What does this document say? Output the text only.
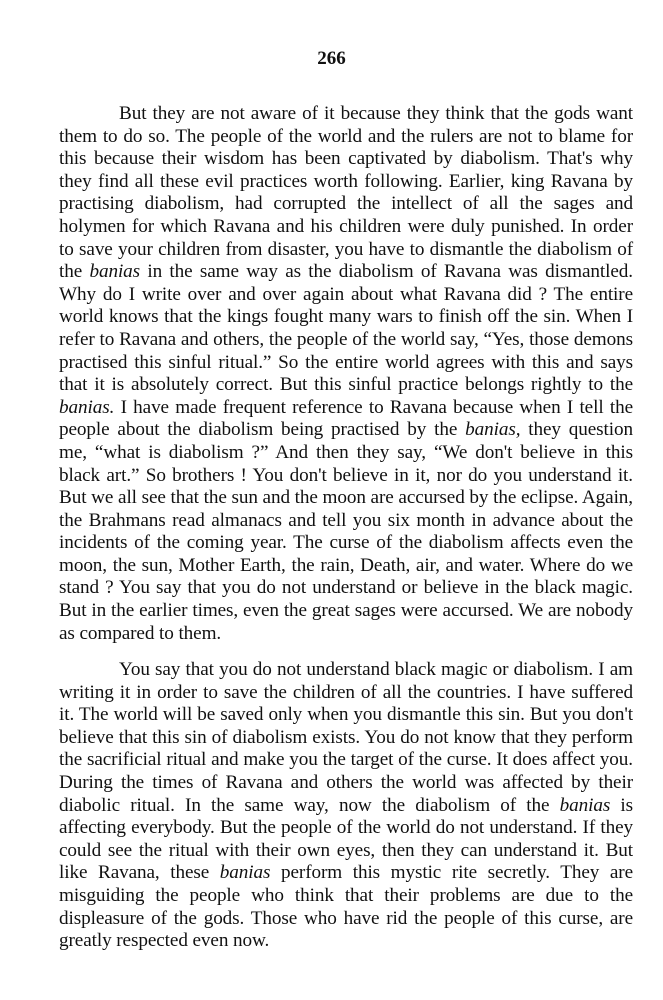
266

But they are not aware of it because they think that the gods want them to do so. The people of the world and the rulers are not to blame for this because their wisdom has been captivated by diabolism. That's why they find all these evil practices worth following. Earlier, king Ravana by practising diabolism, had corrupted the intellect of all the sages and holymen for which Ravana and his children were duly punished. In order to save your children from disaster, you have to dismantle the diabolism of the banias in the same way as the diabolism of Ravana was dismantled. Why do I write over and over again about what Ravana did ? The entire world knows that the kings fought many wars to finish off the sin. When I refer to Ravana and others, the people of the world say, “Yes, those demons practised this sinful ritual.” So the entire world agrees with this and says that it is absolutely correct. But this sinful practice belongs rightly to the banias. I have made frequent reference to Ravana because when I tell the people about the diabolism being practised by the banias, they question me, “what is diabolism ?” And then they say, “We don't believe in this black art.” So brothers ! You don't believe in it, nor do you understand it. But we all see that the sun and the moon are accursed by the eclipse. Again, the Brahmans read almanacs and tell you six month in advance about the incidents of the coming year. The curse of the diabolism affects even the moon, the sun, Mother Earth, the rain, Death, air, and water. Where do we stand ? You say that you do not understand or believe in the black magic. But in the earlier times, even the great sages were accursed. We are nobody as compared to them.

You say that you do not understand black magic or diabolism. I am writing it in order to save the children of all the countries. I have suffered it. The world will be saved only when you dismantle this sin. But you don't believe that this sin of diabolism exists. You do not know that they perform the sacrificial ritual and make you the target of the curse. It does affect you. During the times of Ravana and others the world was affected by their diabolic ritual. In the same way, now the diabolism of the banias is affecting everybody. But the people of the world do not understand. If they could see the ritual with their own eyes, then they can understand it. But like Ravana, these banias perform this mystic rite secretly. They are misguiding the people who think that their problems are due to the displeasure of the gods. Those who have rid the people of this curse, are greatly respected even now.
